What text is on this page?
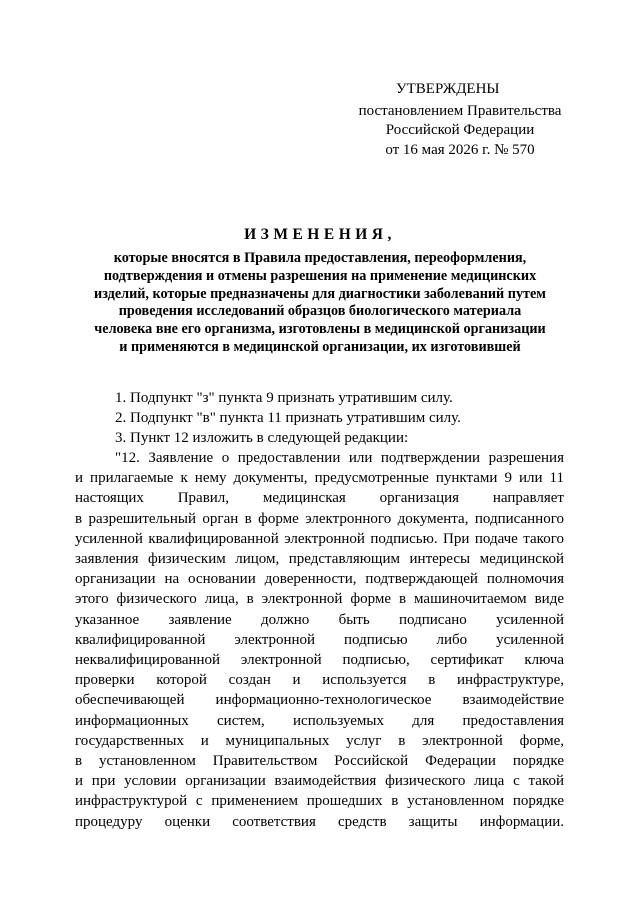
УТВЕРЖДЕНЫ
постановлением Правительства
Российской Федерации
от 16 мая 2026 г. № 570
ИЗМЕНЕНИЯ,
которые вносятся в Правила предоставления, переоформления,
подтверждения и отмены разрешения на применение медицинских
изделий, которые предназначены для диагностики заболеваний путем
проведения исследований образцов биологического материала
человека вне его организма, изготовлены в медицинской организации
и применяются в медицинской организации, их изготовившей
1. Подпункт "з" пункта 9 признать утратившим силу.
2. Подпункт "в" пункта 11 признать утратившим силу.
3. Пункт 12 изложить в следующей редакции:
"12. Заявление о предоставлении или подтверждении разрешения
и прилагаемые к нему документы, предусмотренные пунктами 9 или 11
настоящих Правил, медицинская организация направляет
в разрешительный орган в форме электронного документа, подписанного
усиленной квалифицированной электронной подписью. При подаче такого
заявления физическим лицом, представляющим интересы медицинской
организации на основании доверенности, подтверждающей полномочия
этого физического лица, в электронной форме в машиночитаемом виде
указанное заявление должно быть подписано усиленной
квалифицированной электронной подписью либо усиленной
неквалифицированной электронной подписью, сертификат ключа
проверки которой создан и используется в инфраструктуре,
обеспечивающей информационно-технологическое взаимодействие
информационных систем, используемых для предоставления
государственных и муниципальных услуг в электронной форме,
в установленном Правительством Российской Федерации порядке
и при условии организации взаимодействия физического лица с такой
инфраструктурой с применением прошедших в установленном порядке
процедуру оценки соответствия средств защиты информации.
